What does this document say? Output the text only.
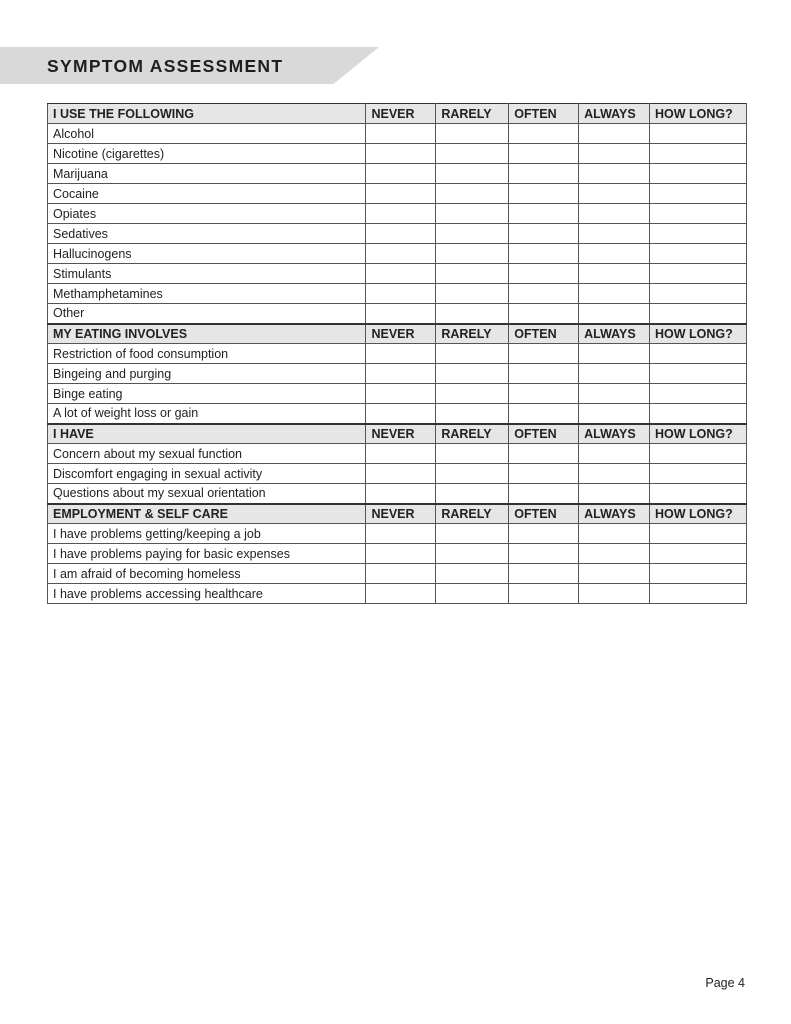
SYMPTOM ASSESSMENT
I USE THE FOLLOWING	NEVER	RARELY	OFTEN	ALWAYS	HOW LONG?
Alcohol					
Nicotine (cigarettes)					
Marijuana					
Cocaine					
Opiates					
Sedatives					
Hallucinogens					
Stimulants					
Methamphetamines					
Other					
MY EATING INVOLVES	NEVER	RARELY	OFTEN	ALWAYS	HOW LONG?
Restriction of food consumption					
Bingeing and purging					
Binge eating					
A lot of weight loss or gain					
I HAVE	NEVER	RARELY	OFTEN	ALWAYS	HOW LONG?
Concern about my sexual function					
Discomfort engaging in sexual activity					
Questions about my sexual orientation					
EMPLOYMENT & SELF CARE	NEVER	RARELY	OFTEN	ALWAYS	HOW LONG?
I have problems getting/keeping a job					
I have problems paying for basic expenses					
I am afraid of becoming homeless					
I have problems accessing healthcare					
Page 4
